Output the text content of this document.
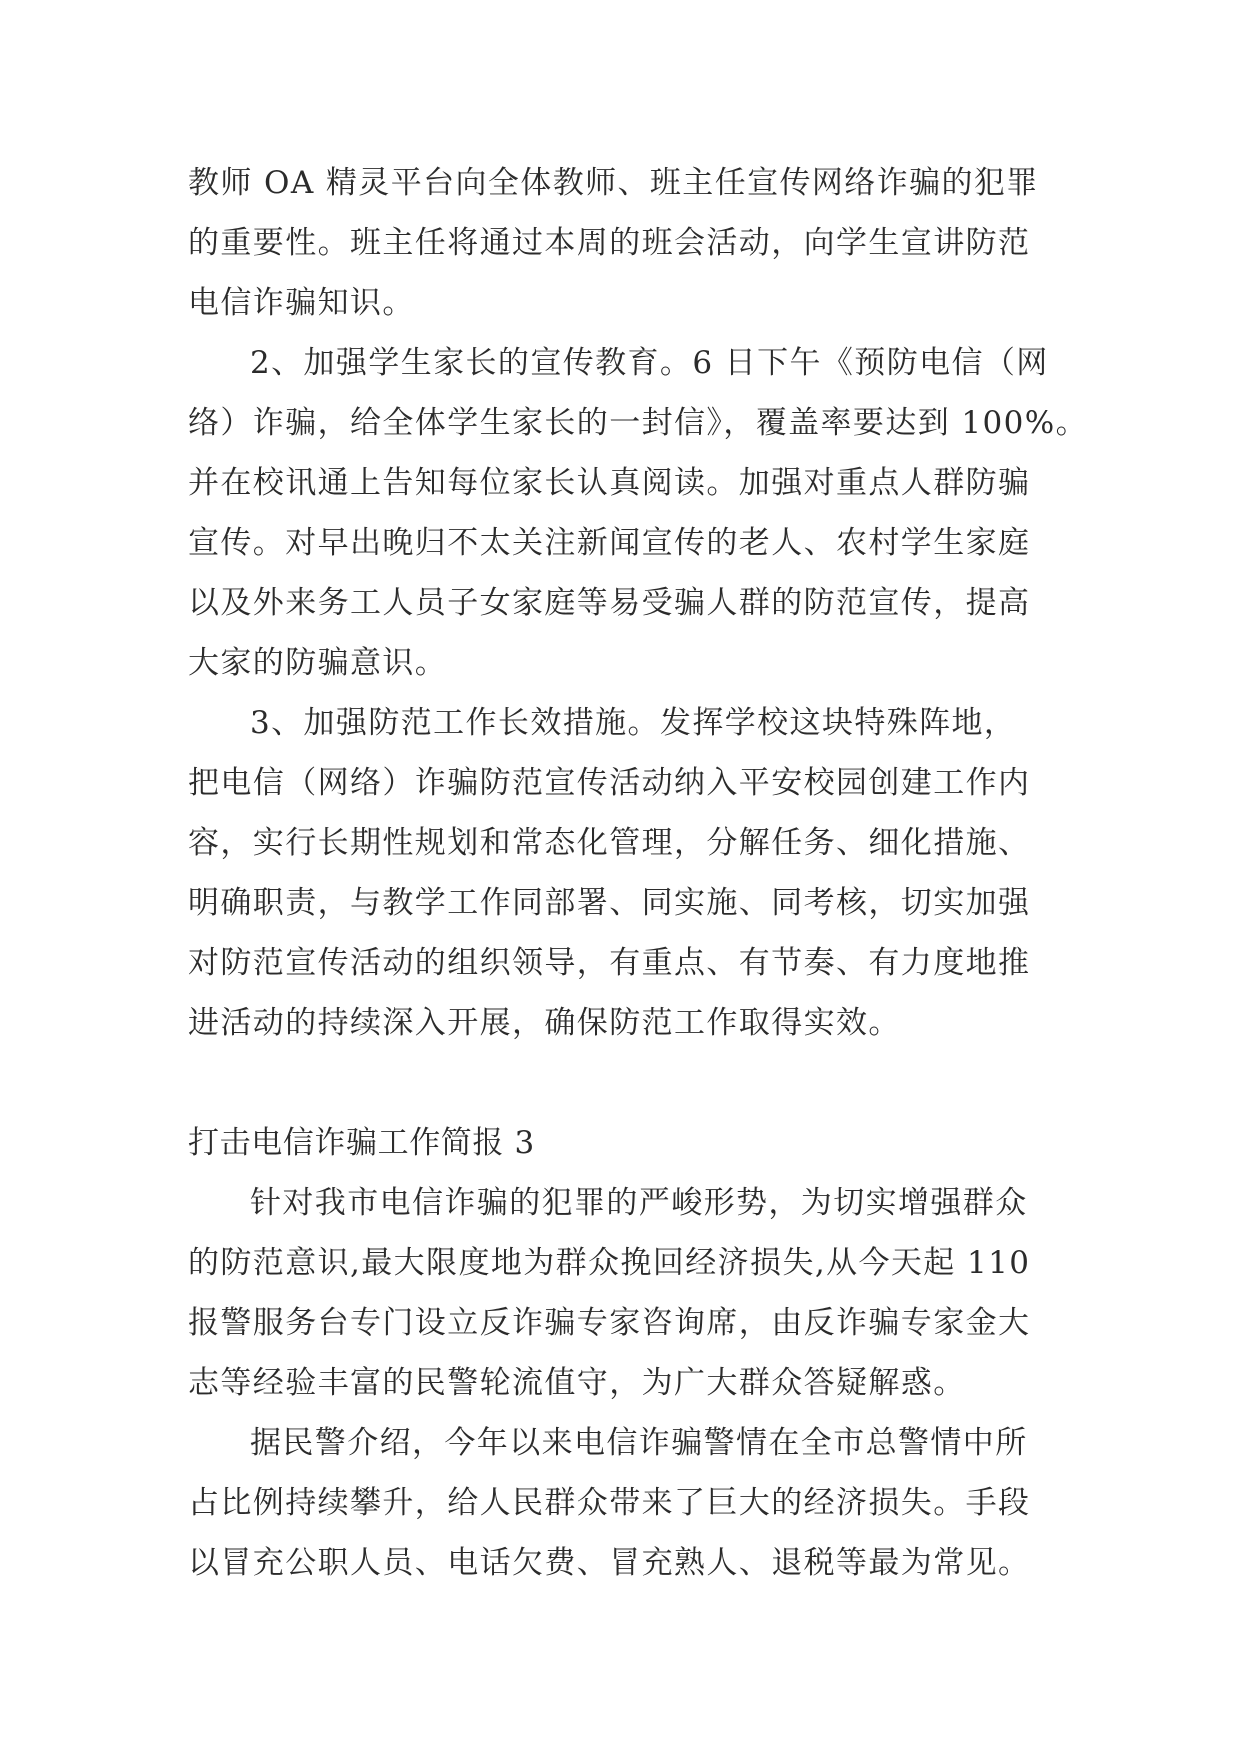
教师 OA 精灵平台向全体教师、班主任宣传网络诈骗的犯罪

的重要性。班主任将通过本周的班会活动，向学生宣讲防范

电信诈骗知识。

2、加强学生家长的宣传教育。6 日下午《预防电信（网

络）诈骗，给全体学生家长的一封信》，覆盖率要达到 100%。

并在校讯通上告知每位家长认真阅读。加强对重点人群防骗

宣传。对早出晚归不太关注新闻宣传的老人、农村学生家庭

以及外来务工人员子女家庭等易受骗人群的防范宣传，提高

大家的防骗意识。

3、加强防范工作长效措施。发挥学校这块特殊阵地，

把电信（网络）诈骗防范宣传活动纳入平安校园创建工作内

容，实行长期性规划和常态化管理，分解任务、细化措施、

明确职责，与教学工作同部署、同实施、同考核，切实加强

对防范宣传活动的组织领导，有重点、有节奏、有力度地推

进活动的持续深入开展，确保防范工作取得实效。

打击电信诈骗工作简报 3

针对我市电信诈骗的犯罪的严峻形势，为切实增强群众

的防范意识,最大限度地为群众挽回经济损失,从今天起 110

报警服务台专门设立反诈骗专家咨询席，由反诈骗专家金大

志等经验丰富的民警轮流值守，为广大群众答疑解惑。

据民警介绍，今年以来电信诈骗警情在全市总警情中所

占比例持续攀升，给人民群众带来了巨大的经济损失。手段

以冒充公职人员、电话欠费、冒充熟人、退税等最为常见。
